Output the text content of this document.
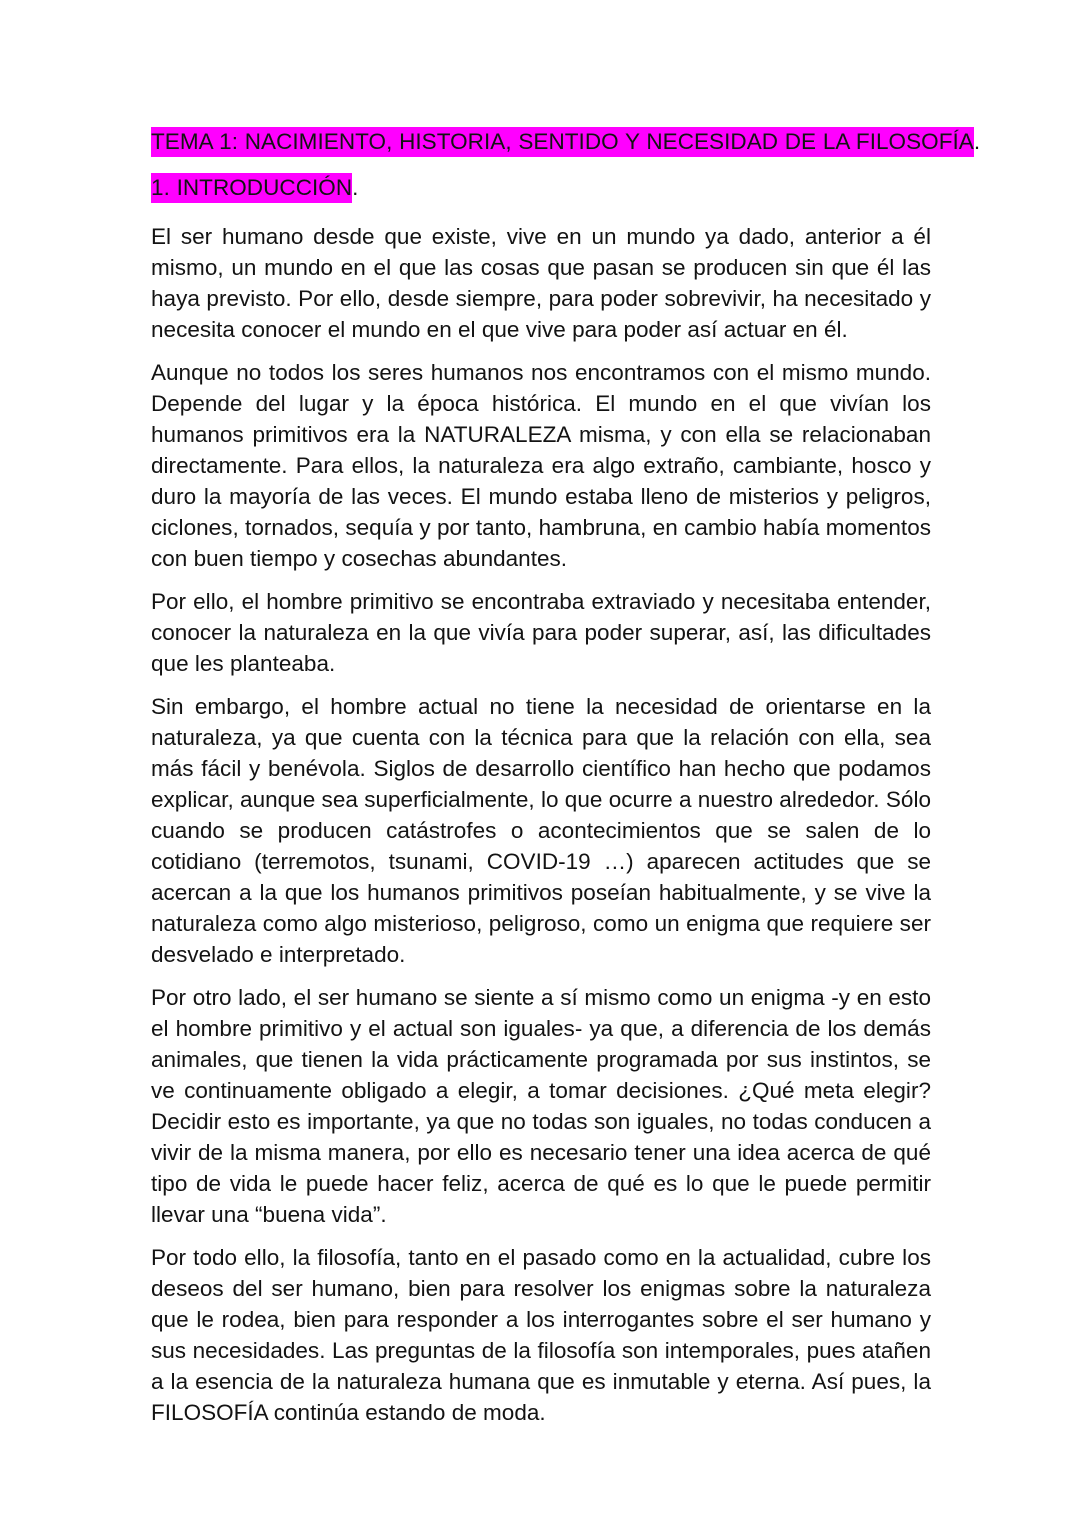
TEMA 1: NACIMIENTO, HISTORIA, SENTIDO Y NECESIDAD DE LA FILOSOFÍA.
1. INTRODUCCIÓN.

El ser humano desde que existe, vive en un mundo ya dado, anterior a él mismo, un mundo en el que las cosas que pasan se producen sin que él las haya previsto. Por ello, desde siempre, para poder sobrevivir, ha necesitado y necesita conocer el mundo en el que vive para poder así actuar en él.

Aunque no todos los seres humanos nos encontramos con el mismo mundo. Depende del lugar y la época histórica. El mundo en el que vivían los humanos primitivos era la NATURALEZA misma, y con ella se relacionaban directamente. Para ellos, la naturaleza era algo extraño, cambiante, hosco y duro la mayoría de las veces. El mundo estaba lleno de misterios y peligros, ciclones, tornados, sequía y por tanto, hambruna, en cambio había momentos con buen tiempo y cosechas abundantes.

Por ello, el hombre primitivo se encontraba extraviado y necesitaba entender, conocer la naturaleza en la que vivía para poder superar, así, las dificultades que les planteaba.

Sin embargo, el hombre actual no tiene la necesidad de orientarse en la naturaleza, ya que cuenta con la técnica para que la relación con ella, sea más fácil y benévola. Siglos de desarrollo científico han hecho que podamos explicar, aunque sea superficialmente, lo que ocurre a nuestro alrededor. Sólo cuando se producen catástrofes o acontecimientos que se salen de lo cotidiano (terremotos, tsunami, COVID-19 …) aparecen actitudes que se acercan a la que los humanos primitivos poseían habitualmente, y se vive la naturaleza como algo misterioso, peligroso, como un enigma que requiere ser desvelado e interpretado.

Por otro lado, el ser humano se siente a sí mismo como un enigma -y en esto el hombre primitivo y el actual son iguales- ya que, a diferencia de los demás animales, que tienen la vida prácticamente programada por sus instintos, se ve continuamente obligado a elegir, a tomar decisiones. ¿Qué meta elegir? Decidir esto es importante, ya que no todas son iguales, no todas conducen a vivir de la misma manera, por ello es necesario tener una idea acerca de qué tipo de vida le puede hacer feliz, acerca de qué es lo que le puede permitir llevar una “buena vida”.

Por todo ello, la filosofía, tanto en el pasado como en la actualidad, cubre los deseos del ser humano, bien para resolver los enigmas sobre la naturaleza que le rodea, bien para responder a los interrogantes sobre el ser humano y sus necesidades. Las preguntas de la filosofía son intemporales, pues atañen a la esencia de la naturaleza humana que es inmutable y eterna. Así pues, la FILOSOFÍA continúa estando de moda.
